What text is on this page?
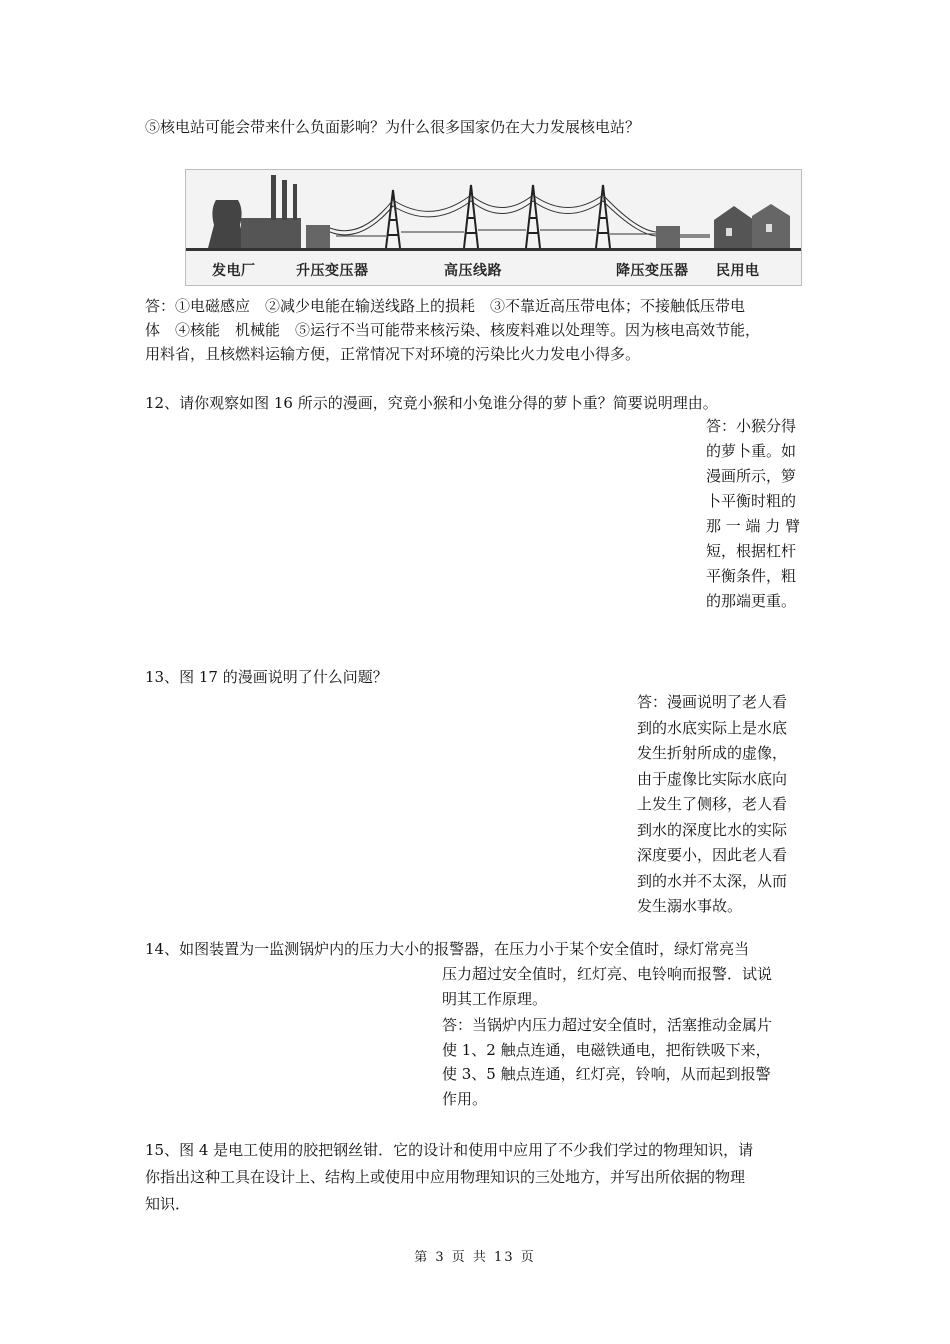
⑤核电站可能会带来什么负面影响？为什么很多国家仍在大力发展核电站？

发电厂	升压变压器	高压线路	降压变压器 民用电

答：①电磁感应　②减少电能在输送线路上的损耗　③不靠近高压带电体；不接触低压带电

体　④核能　机械能　⑤运行不当可能带来核污染、核废料难以处理等。因为核电高效节能，

用料省，且核燃料运输方便，正常情况下对环境的污染比火力发电小得多。

12、请你观察如图 16 所示的漫画，究竟小猴和小兔谁分得的萝卜重？简要说明理由。

答：小猴分得
的萝卜重。如
漫画所示，箩
卜平衡时粗的
那 一 端 力 臂
短，根据杠杆
平衡条件，粗
的那端更重。

13、图 17 的漫画说明了什么问题？

答：漫画说明了老人看
到的水底实际上是水底
发生折射所成的虚像，
由于虚像比实际水底向
上发生了侧移，老人看
到水的深度比水的实际
深度要小，因此老人看
到的水并不太深，从而
发生溺水事故。

14、如图装置为一监测锅炉内的压力大小的报警器，在压力小于某个安全值时，绿灯常亮当

压力超过安全值时，红灯亮、电铃响而报警．试说
明其工作原理。
答：当锅炉内压力超过安全值时，活塞推动金属片
使 1、2 触点连通，电磁铁通电，把衔铁吸下来，
使 3、5 触点连通，红灯亮，铃响，从而起到报警
作用。

15、图 4 是电工使用的胶把钢丝钳．它的设计和使用中应用了不少我们学过的物理知识，请

你指出这种工具在设计上、结构上或使用中应用物理知识的三处地方，并写出所依据的物理

知识．

第 3 页 共 13 页
